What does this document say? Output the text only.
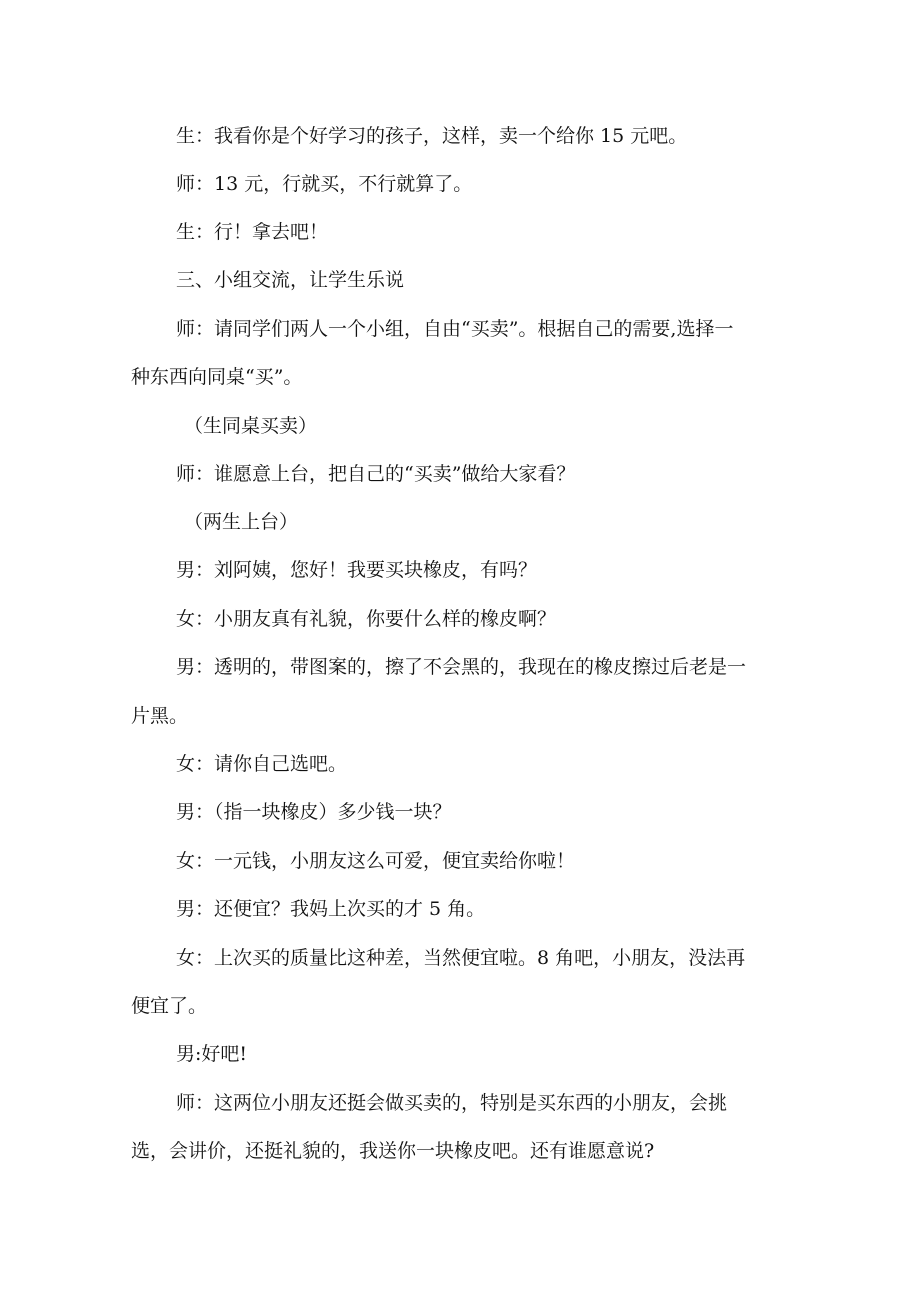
生：我看你是个好学习的孩子，这样，卖一个给你 15 元吧。

师：13 元，行就买，不行就算了。

生：行！拿去吧！

三、小组交流，让学生乐说

师：请同学们两人一个小组，自由“买卖”。根据自己的需要,选择一

种东西向同桌“买”。

（生同桌买卖）

师：谁愿意上台，把自己的“买卖”做给大家看？

（两生上台）

男：刘阿姨，您好！我要买块橡皮，有吗？

女：小朋友真有礼貌，你要什么样的橡皮啊？

男：透明的，带图案的，擦了不会黑的，我现在的橡皮擦过后老是一

片黑。

女：请你自己选吧。

男：（指一块橡皮）多少钱一块？

女：一元钱，小朋友这么可爱，便宜卖给你啦！

男：还便宜？我妈上次买的才 5 角。

女：上次买的质量比这种差，当然便宜啦。8 角吧，小朋友，没法再

便宜了。

男:好吧!

师：这两位小朋友还挺会做买卖的，特别是买东西的小朋友，会挑

选，会讲价，还挺礼貌的，我送你一块橡皮吧。还有谁愿意说?
